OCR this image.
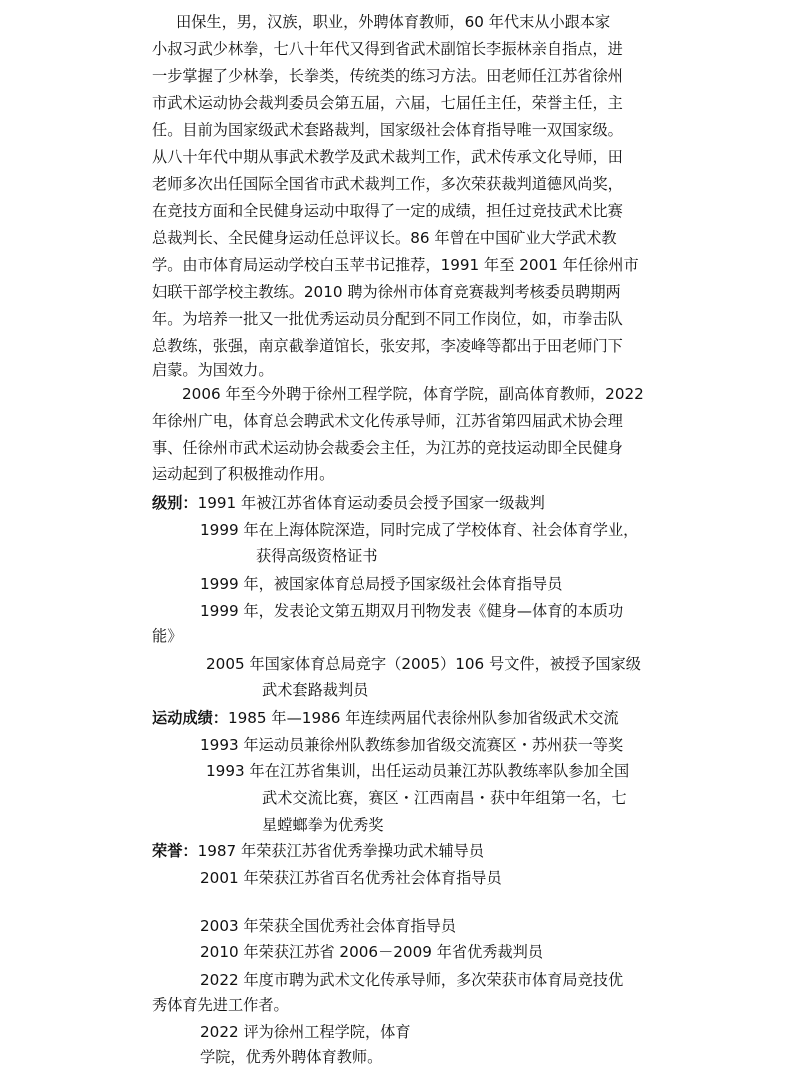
田保生，男，汉族，职业，外聘体育教师，60 年代末从小跟本家
小叔习武少林拳，七八十年代又得到省武术副馆长李振林亲自指点，进
一步掌握了少林拳，长拳类，传统类的练习方法。田老师任江苏省徐州
市武术运动协会裁判委员会第五届，六届，七届任主任，荣誉主任，主
任。目前为国家级武术套路裁判，国家级社会体育指导唯一双国家级。
从八十年代中期从事武术教学及武术裁判工作，武术传承文化导师，田
老师多次出任国际全国省市武术裁判工作，多次荣获裁判道德风尚奖，
在竞技方面和全民健身运动中取得了一定的成绩，担任过竞技武术比赛
总裁判长、全民健身运动任总评议长。86 年曾在中国矿业大学武术教
学。由市体育局运动学校白玉苹书记推荐，1991 年至 2001 年任徐州市
妇联干部学校主教练。2010 聘为徐州市体育竞赛裁判考核委员聘期两
年。为培养一批又一批优秀运动员分配到不同工作岗位，如，市拳击队
总教练，张强，南京截拳道馆长，张安邦，李凌峰等都出于田老师门下
启蒙。为国效力。
2006 年至今外聘于徐州工程学院，体育学院，副高体育教师，2022
年徐州广电，体育总会聘武术文化传承导师，江苏省第四届武术协会理
事、任徐州市武术运动协会裁委会主任，为江苏的竞技运动即全民健身
运动起到了积极推动作用。
级别：1991 年被江苏省体育运动委员会授予国家一级裁判
1999 年在上海体院深造，同时完成了学校体育、社会体育学业，
获得高级资格证书
1999 年，被国家体育总局授予国家级社会体育指导员
1999 年，发表论文第五期双月刊物发表《健身—体育的本质功
能》
2005 年国家体育总局竞字（2005）106 号文件，被授予国家级
武术套路裁判员
运动成绩：1985 年—1986 年连续两届代表徐州队参加省级武术交流
1993 年运动员兼徐州队教练参加省级交流赛区・苏州获一等奖
1993 年在江苏省集训，出任运动员兼江苏队教练率队参加全国
武术交流比赛，赛区・江西南昌・获中年组第一名，七
星螳螂拳为优秀奖
荣誉：1987 年荣获江苏省优秀拳操功武术辅导员
2001 年荣获江苏省百名优秀社会体育指导员
2003 年荣获全国优秀社会体育指导员
2010 年荣获江苏省 2006－2009 年省优秀裁判员
2022 年度市聘为武术文化传承导师，多次荣获市体育局竞技优
秀体育先进工作者。
2022 评为徐州工程学院，体育
学院，优秀外聘体育教师。
